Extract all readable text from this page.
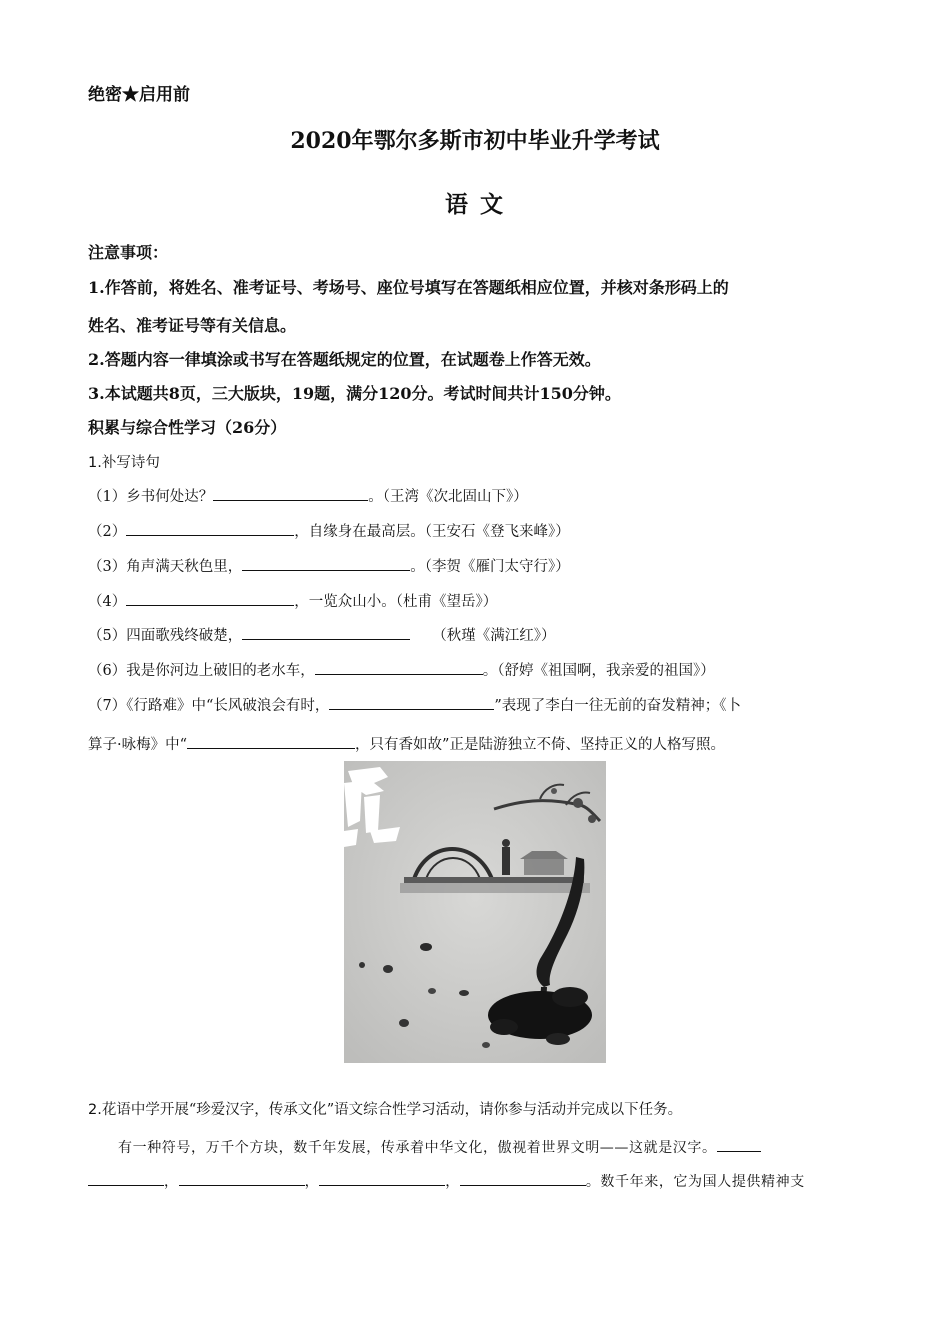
绝密★启用前
2020年鄂尔多斯市初中毕业升学考试
语 文
注意事项：
1.作答前，将姓名、准考证号、考场号、座位号填写在答题纸相应位置，并核对条形码上的
姓名、准考证号等有关信息。
2.答题内容一律填涂或书写在答题纸规定的位置，在试题卷上作答无效。
3.本试题共8页，三大版块，19题，满分120分。考试时间共计150分钟。
积累与综合性学习（26分）
1.补写诗句
（1）乡书何处达？	。（王湾《次北固山下》）
（2）	，自缘身在最高层。（王安石《登飞来峰》）
（3）角声满天秋色里，	。（李贺《雁门太守行》）
（4）	，一览众山小。（杜甫《望岳》）
（5）四面歌残终破楚，	（秋瑾《满江红》）
（6）我是你河边上破旧的老水车，	。（舒婷《祖国啊，我亲爱的祖国》）
（7）《行路难》中“长风破浪会有时，	”表现了李白一往无前的奋发精神；《卜
算子·咏梅》中“	，只有香如故”正是陆游独立不倚、坚持正义的人格写照。
2.花语中学开展“珍爱汉字，传承文化”语文综合性学习活动，请你参与活动并完成以下任务。
有一种符号，万千个方块，数千年发展，传承着中华文化，傲视着世界文明——这就是汉字。
，	，	，	。数千年来，它为国人提供精神支
